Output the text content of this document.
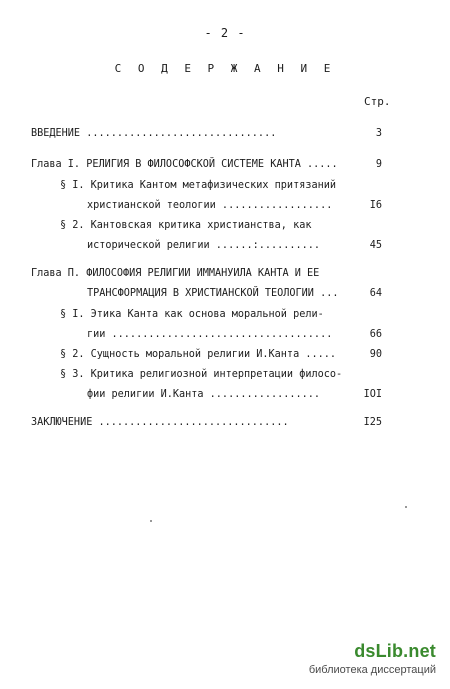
- 2 -
С О Д Е Р Ж А Н И Е
Стр.
ВВЕДЕНИЕ ...............................	3
Глава I. РЕЛИГИЯ В ФИЛОСОФСКОЙ СИСТЕМЕ КАНТА .....	9
§ I. Критика Кантом метафизических притязаний
христианской теологии ..................	I6
§ 2. Кантовская критика христианства, как
исторической религии ......:..........	45
Глава П. ФИЛОСОФИЯ РЕЛИГИИ ИММАНУИЛА КАНТА И ЕЕ
ТРАНСФОРМАЦИЯ В ХРИСТИАНСКОЙ ТЕОЛОГИИ ...	64
§ I. Этика Канта как основа моральной рели-
гии ....................................	66
§ 2. Сущность моральной религии И.Канта .....	90
§ 3. Критика религиозной интерпретации филосо-
фии религии И.Канта ..................	IOI
ЗАКЛЮЧЕНИЕ ...............................	I25
dsLib.net
библиотека диссертаций
